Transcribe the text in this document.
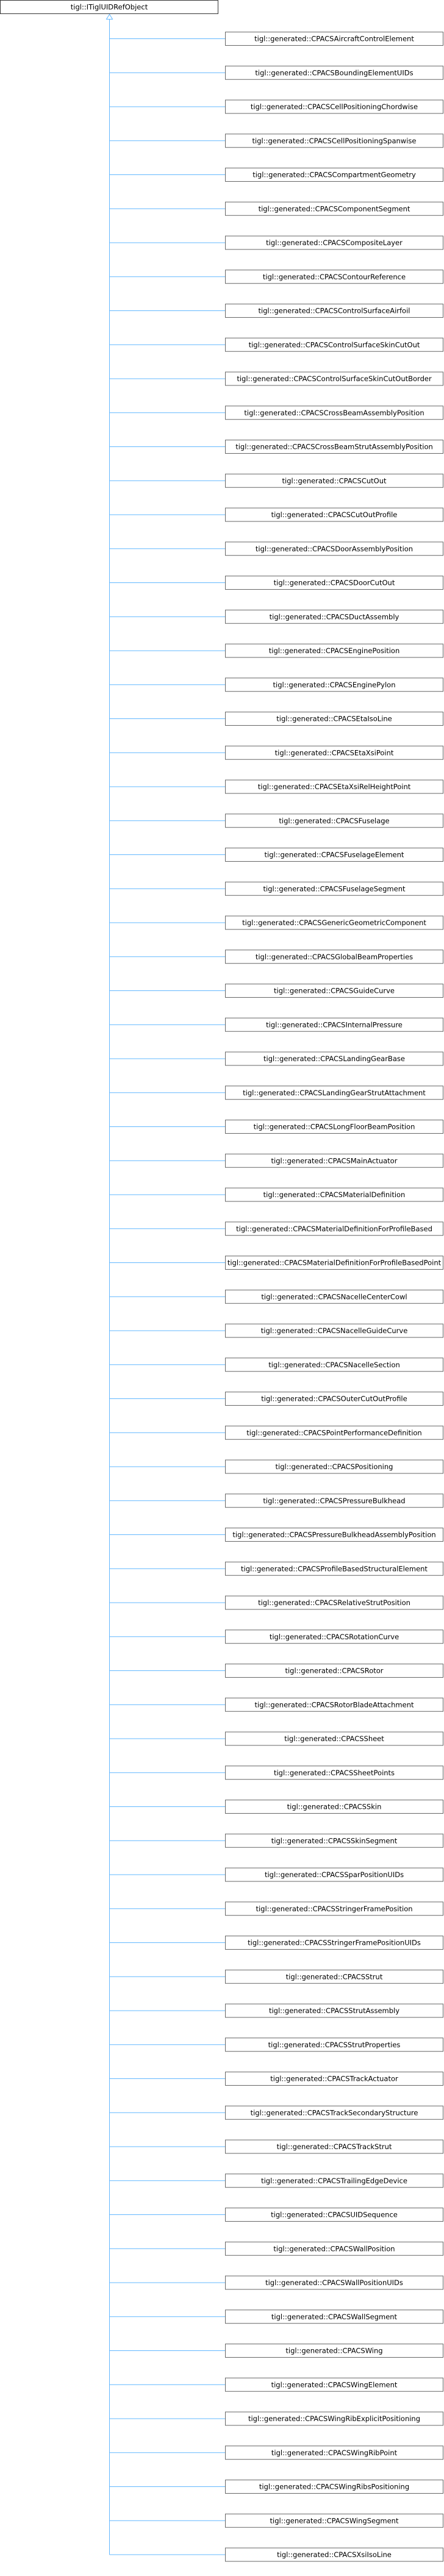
tigl::ITiglUIDRefObject
tigl::generated::CPACSAircraftControlElement
tigl::generated::CPACSBoundingElementUIDs
tigl::generated::CPACSCellPositioningChordwise
tigl::generated::CPACSCellPositioningSpanwise
tigl::generated::CPACSCompartmentGeometry
tigl::generated::CPACSComponentSegment
tigl::generated::CPACSCompositeLayer
tigl::generated::CPACSContourReference
tigl::generated::CPACSControlSurfaceAirfoil
tigl::generated::CPACSControlSurfaceSkinCutOut
tigl::generated::CPACSControlSurfaceSkinCutOutBorder
tigl::generated::CPACSCrossBeamAssemblyPosition
tigl::generated::CPACSCrossBeamStrutAssemblyPosition
tigl::generated::CPACSCutOut
tigl::generated::CPACSCutOutProfile
tigl::generated::CPACSDoorAssemblyPosition
tigl::generated::CPACSDoorCutOut
tigl::generated::CPACSDuctAssembly
tigl::generated::CPACSEnginePosition
tigl::generated::CPACSEnginePylon
tigl::generated::CPACSEtaIsoLine
tigl::generated::CPACSEtaXsiPoint
tigl::generated::CPACSEtaXsiRelHeightPoint
tigl::generated::CPACSFuselage
tigl::generated::CPACSFuselageElement
tigl::generated::CPACSFuselageSegment
tigl::generated::CPACSGenericGeometricComponent
tigl::generated::CPACSGlobalBeamProperties
tigl::generated::CPACSGuideCurve
tigl::generated::CPACSInternalPressure
tigl::generated::CPACSLandingGearBase
tigl::generated::CPACSLandingGearStrutAttachment
tigl::generated::CPACSLongFloorBeamPosition
tigl::generated::CPACSMainActuator
tigl::generated::CPACSMaterialDefinition
tigl::generated::CPACSMaterialDefinitionForProfileBased
tigl::generated::CPACSMaterialDefinitionForProfileBasedPoint
tigl::generated::CPACSNacelleCenterCowl
tigl::generated::CPACSNacelleGuideCurve
tigl::generated::CPACSNacelleSection
tigl::generated::CPACSOuterCutOutProfile
tigl::generated::CPACSPointPerformanceDefinition
tigl::generated::CPACSPositioning
tigl::generated::CPACSPressureBulkhead
tigl::generated::CPACSPressureBulkheadAssemblyPosition
tigl::generated::CPACSProfileBasedStructuralElement
tigl::generated::CPACSRelativeStrutPosition
tigl::generated::CPACSRotationCurve
tigl::generated::CPACSRotor
tigl::generated::CPACSRotorBladeAttachment
tigl::generated::CPACSSheet
tigl::generated::CPACSSheetPoints
tigl::generated::CPACSSkin
tigl::generated::CPACSSkinSegment
tigl::generated::CPACSSparPositionUIDs
tigl::generated::CPACSStringerFramePosition
tigl::generated::CPACSStringerFramePositionUIDs
tigl::generated::CPACSStrut
tigl::generated::CPACSStrutAssembly
tigl::generated::CPACSStrutProperties
tigl::generated::CPACSTrackActuator
tigl::generated::CPACSTrackSecondaryStructure
tigl::generated::CPACSTrackStrut
tigl::generated::CPACSTrailingEdgeDevice
tigl::generated::CPACSUIDSequence
tigl::generated::CPACSWallPosition
tigl::generated::CPACSWallPositionUIDs
tigl::generated::CPACSWallSegment
tigl::generated::CPACSWing
tigl::generated::CPACSWingElement
tigl::generated::CPACSWingRibExplicitPositioning
tigl::generated::CPACSWingRibPoint
tigl::generated::CPACSWingRibsPositioning
tigl::generated::CPACSWingSegment
tigl::generated::CPACSXsiIsoLine
